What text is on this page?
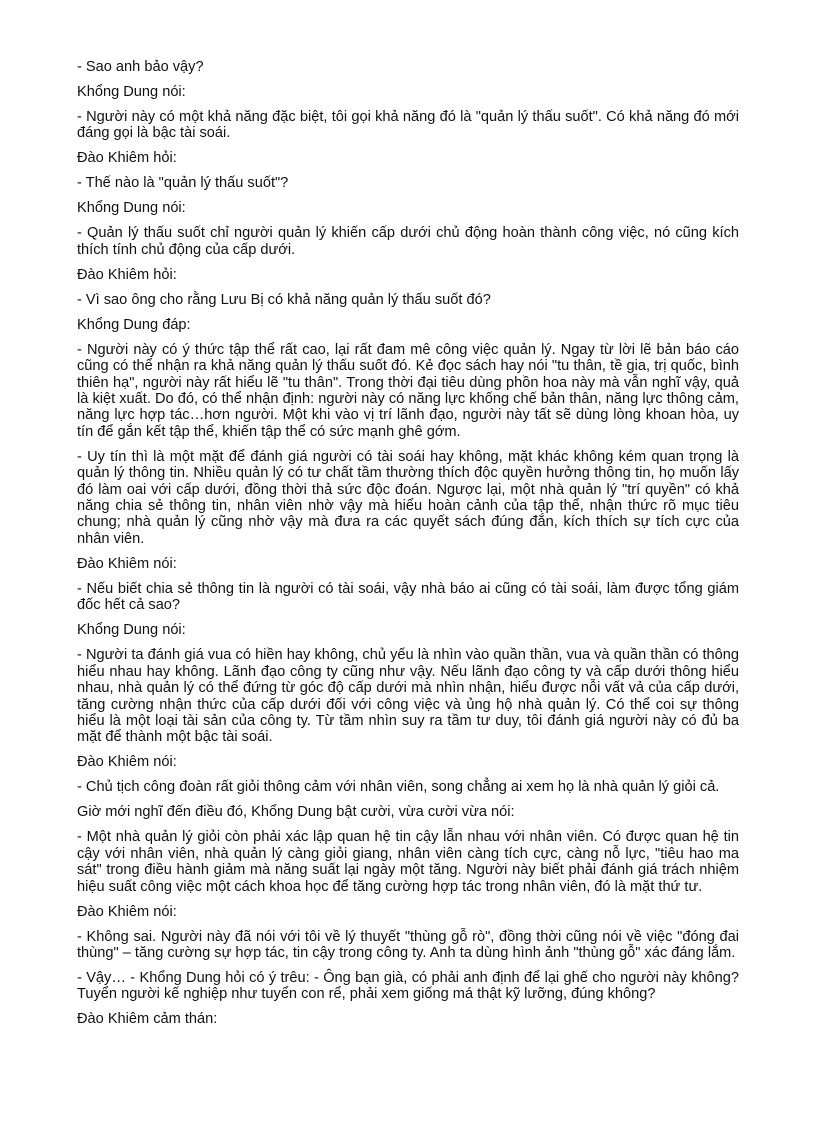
- Sao anh bảo vậy?

Khổng Dung nói:

- Người này có một khả năng đặc biệt, tôi gọi khả năng đó là "quản lý thấu suốt". Có khả năng đó mới đáng gọi là bậc tài soái.

Đào Khiêm hỏi:

- Thế nào là "quản lý thấu suốt"?

Khổng Dung nói:

- Quản lý thấu suốt chỉ người quản lý khiến cấp dưới chủ động hoàn thành công việc, nó cũng kích thích tính chủ động của cấp dưới.

Đào Khiêm hỏi:

- Vì sao ông cho rằng Lưu Bị có khả năng quản lý thấu suốt đó?

Khổng Dung đáp:

- Người này có ý thức tập thể rất cao, lại rất đam mê công việc quản lý. Ngay từ lời lẽ bản báo cáo cũng có thể nhận ra khả năng quản lý thấu suốt đó. Kẻ đọc sách hay nói "tu thân, tề gia, trị quốc, bình thiên hạ", người này rất hiểu lẽ "tu thân". Trong thời đại tiêu dùng phồn hoa này mà vẫn nghĩ vậy, quả là kiệt xuất. Do đó, có thể nhận định: người này có năng lực khống chế bản thân, năng lực thông cảm, năng lực hợp tác…hơn người. Một khi vào vị trí lãnh đạo, người này tất sẽ dùng lòng khoan hòa, uy tín để gắn kết tập thể, khiến tập thể có sức mạnh ghê gớm.

- Uy tín thì là một mặt để đánh giá người có tài soái hay không, mặt khác không kém quan trọng là quản lý thông tin. Nhiều quản lý có tư chất tầm thường thích độc quyền hưởng thông tin, họ muốn lấy đó làm oai với cấp dưới, đồng thời thả sức độc đoán. Ngược lại, một nhà quản lý "trí quyền" có khả năng chia sẻ thông tin, nhân viên nhờ vậy mà hiểu hoàn cảnh của tập thể, nhận thức rõ mục tiêu chung; nhà quản lý cũng nhờ vậy mà đưa ra các quyết sách đúng đắn, kích thích sự tích cực của nhân viên.

Đào Khiêm nói:

- Nếu biết chia sẻ thông tin là người có tài soái, vậy nhà báo ai cũng có tài soái, làm được tổng giám đốc hết cả sao?

Khổng Dung nói:

- Người ta đánh giá vua có hiền hay không, chủ yếu là nhìn vào quần thần, vua và quần thần có thông hiểu nhau hay không. Lãnh đạo công ty cũng như vậy. Nếu lãnh đạo công ty và cấp dưới thông hiểu nhau, nhà quản lý có thể đứng từ góc độ cấp dưới mà nhìn nhận, hiểu được nỗi vất vả của cấp dưới, tăng cường nhận thức của cấp dưới đối với công việc và ủng hộ nhà quản lý. Có thể coi sự thông hiểu là một loại tài sản của công ty. Từ tầm nhìn suy ra tầm tư duy, tôi đánh giá người này có đủ ba mặt để thành một bậc tài soái.

Đào Khiêm nói:

- Chủ tịch công đoàn rất giỏi thông cảm với nhân viên, song chẳng ai xem họ là nhà quản lý giỏi cả.

Giờ mới nghĩ đến điều đó, Khổng Dung bật cười, vừa cười vừa nói:

- Một nhà quản lý giỏi còn phải xác lập quan hệ tin cậy lẫn nhau với nhân viên. Có được quan hệ tin cậy với nhân viên, nhà quản lý càng giỏi giang, nhân viên càng tích cực, càng nỗ lực, "tiêu hao ma sát" trong điều hành giảm mà năng suất lại ngày một tăng. Người này biết phải đánh giá trách nhiệm hiệu suất công việc một cách khoa học để tăng cường hợp tác trong nhân viên, đó là mặt thứ tư.

Đào Khiêm nói:

- Không sai. Người này đã nói với tôi về lý thuyết "thùng gỗ rò", đồng thời cũng nói về việc "đóng đai thùng" – tăng cường sự hợp tác, tin cậy trong công ty. Anh ta dùng hình ảnh "thùng gỗ" xác đáng lắm.

- Vậy… - Khổng Dung hỏi có ý trêu: - Ông bạn già, có phải anh định để lại ghế cho người này không? Tuyển người kế nghiệp như tuyển con rể, phải xem giống má thật kỹ lưỡng, đúng không?

Đào Khiêm cảm thán:
